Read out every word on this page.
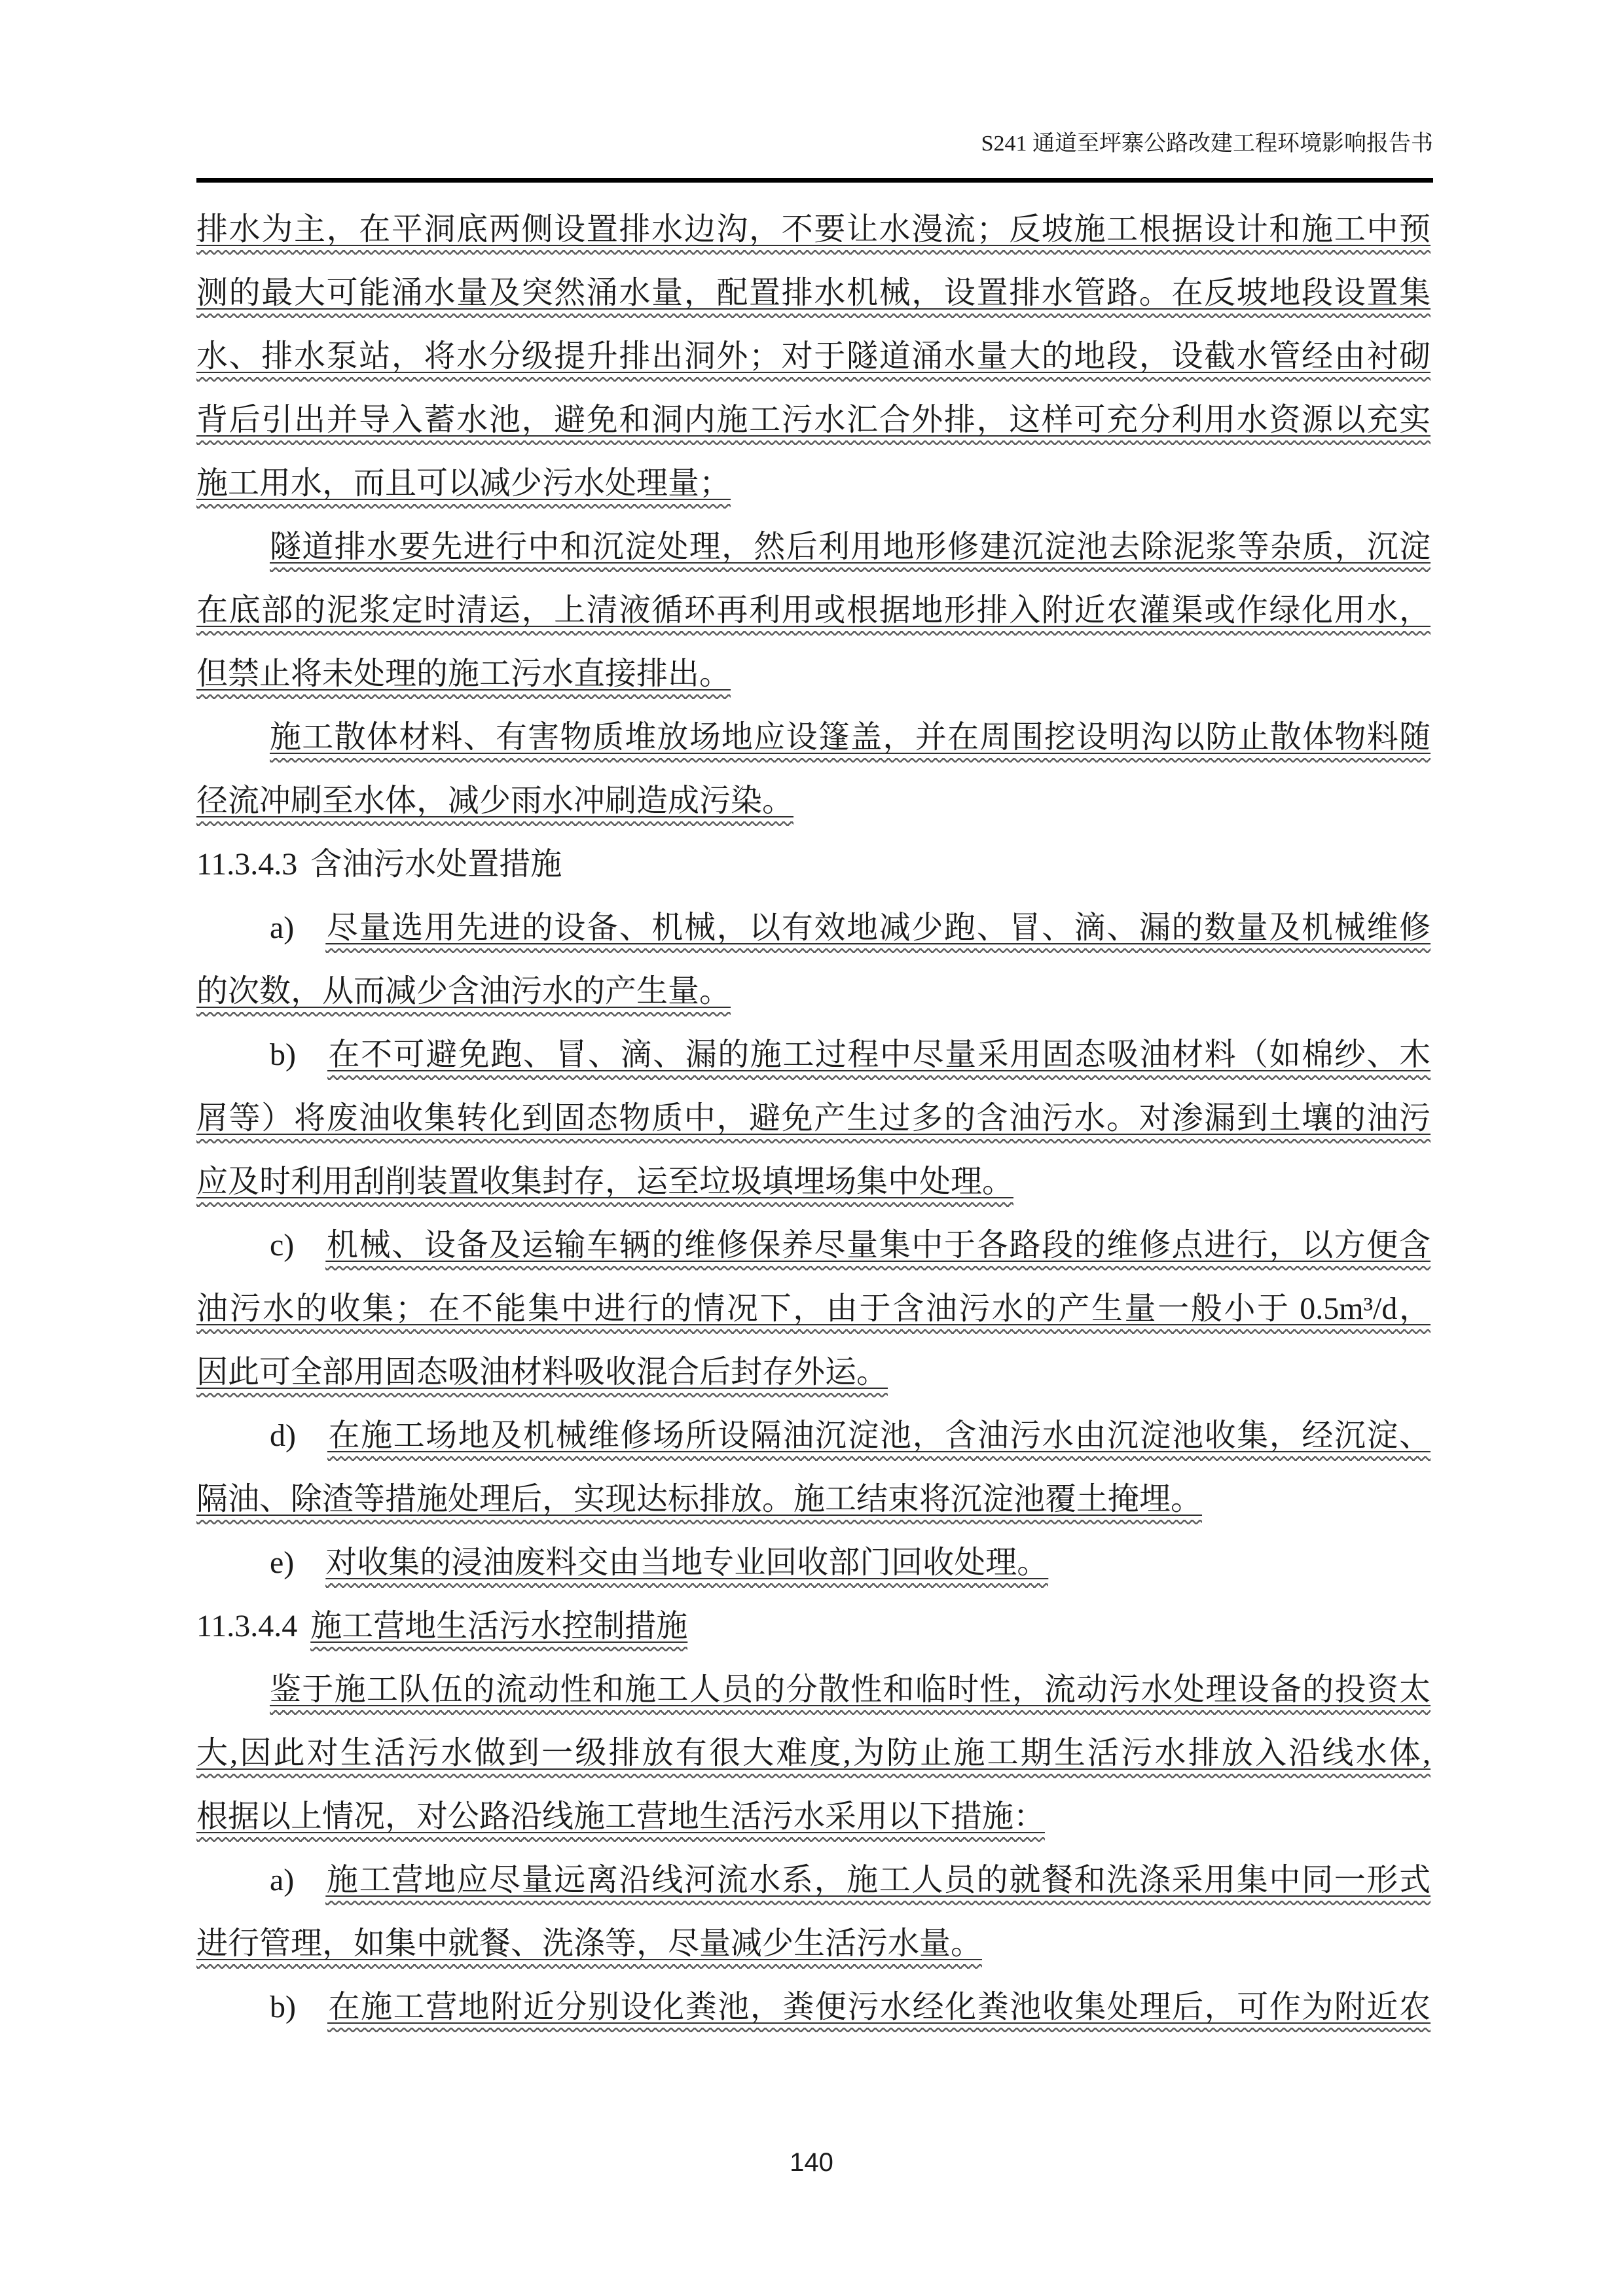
S241 通道至坪寨公路改建工程环境影响报告书
排水为主，在平洞底两侧设置排水边沟，不要让水漫流；反坡施工根据设计和施工中预
测的最大可能涌水量及突然涌水量，配置排水机械，设置排水管路。在反坡地段设置集
水、排水泵站，将水分级提升排出洞外；对于隧道涌水量大的地段，设截水管经由衬砌
背后引出并导入蓄水池，避免和洞内施工污水汇合外排，这样可充分利用水资源以充实
施工用水，而且可以减少污水处理量；
隧道排水要先进行中和沉淀处理，然后利用地形修建沉淀池去除泥浆等杂质，沉淀
在底部的泥浆定时清运，上清液循环再利用或根据地形排入附近农灌渠或作绿化用水，
但禁止将未处理的施工污水直接排出。
施工散体材料、有害物质堆放场地应设篷盖，并在周围挖设明沟以防止散体物料随
径流冲刷至水体，减少雨水冲刷造成污染。
11.3.4.3 含油污水处置措施
a) 尽量选用先进的设备、机械，以有效地减少跑、冒、滴、漏的数量及机械维修
的次数，从而减少含油污水的产生量。
b) 在不可避免跑、冒、滴、漏的施工过程中尽量采用固态吸油材料（如棉纱、木
屑等）将废油收集转化到固态物质中，避免产生过多的含油污水。对渗漏到土壤的油污
应及时利用刮削装置收集封存，运至垃圾填埋场集中处理。
c) 机械、设备及运输车辆的维修保养尽量集中于各路段的维修点进行，以方便含
油污水的收集；在不能集中进行的情况下，由于含油污水的产生量一般小于 0.5m³/d，
因此可全部用固态吸油材料吸收混合后封存外运。
d) 在施工场地及机械维修场所设隔油沉淀池，含油污水由沉淀池收集，经沉淀、
隔油、除渣等措施处理后，实现达标排放。施工结束将沉淀池覆土掩埋。
e) 对收集的浸油废料交由当地专业回收部门回收处理。
11.3.4.4 施工营地生活污水控制措施
鉴于施工队伍的流动性和施工人员的分散性和临时性，流动污水处理设备的投资太
大,因此对生活污水做到一级排放有很大难度,为防止施工期生活污水排放入沿线水体,
根据以上情况，对公路沿线施工营地生活污水采用以下措施：
a) 施工营地应尽量远离沿线河流水系，施工人员的就餐和洗涤采用集中同一形式
进行管理，如集中就餐、洗涤等，尽量减少生活污水量。
b) 在施工营地附近分别设化粪池，粪便污水经化粪池收集处理后，可作为附近农
140
